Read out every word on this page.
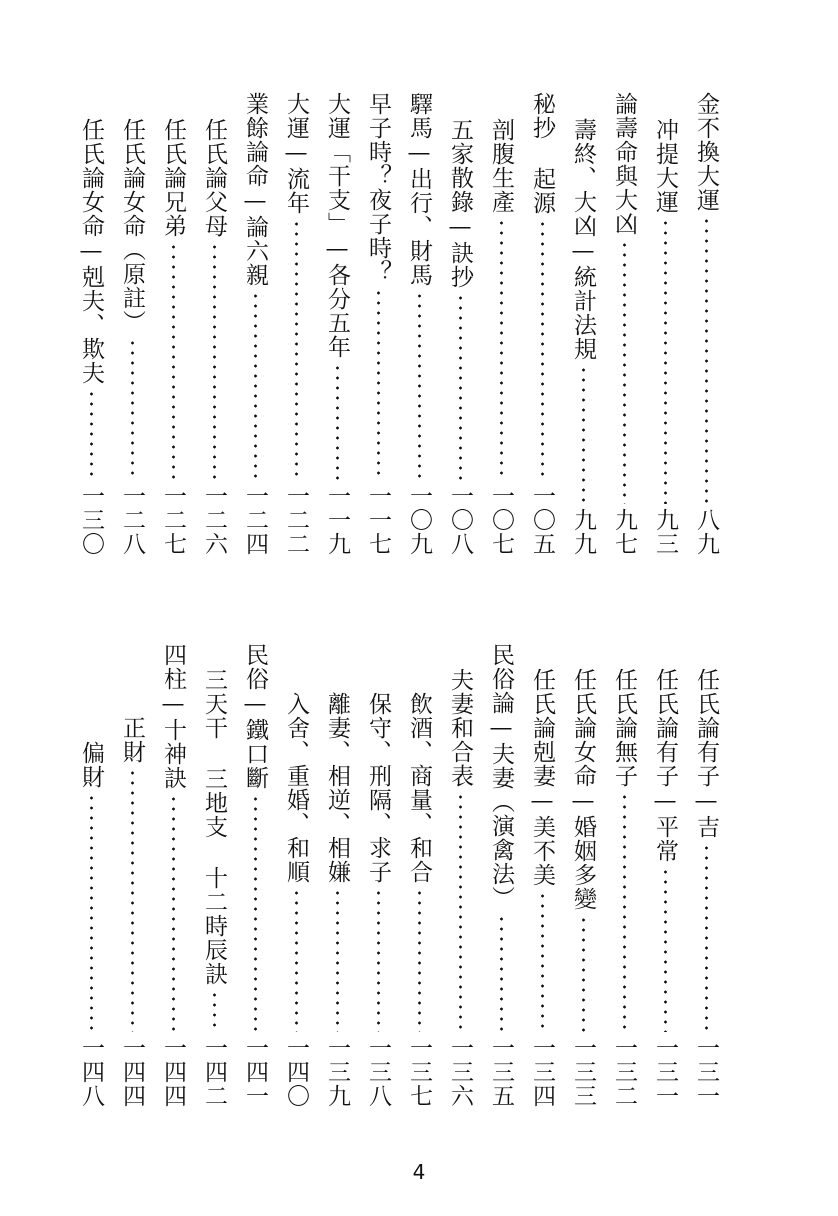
金不換大運
八九
冲提大運
九三
論壽命與大凶
九七
壽終、大凶—統計法規
九九
秘抄 起源
一〇五
剖腹生產
一〇七
五家散錄—訣抄
一〇八
驛馬—出行、財馬
一〇九
早子時？夜子時？
一一七
大運「干支」—各分五年
一一九
大運—流年
一二二
業餘論命—論六親
一二四
任氏論父母
一二六
任氏論兄弟
一二七
任氏論女命（原註）
一二八
任氏論女命—剋夫、欺夫
一三〇
任氏論有子—吉
一三一
任氏論有子—平常
一三一
任氏論無子
一三二
任氏論女命—婚姻多變
一三三
任氏論剋妻—美不美
一三四
民俗論—夫妻（演禽法）
一三五
夫妻和合表
一三六
飲酒、商量、和合
一三七
保守、刑隔、求子
一三八
離妻、相逆、相嫌
一三九
入舍、重婚、和順
一四〇
民俗—鐵口斷
一四一
三天干 三地支 十二時辰訣
一四二
四柱—十神訣
一四四
正財
一四四
偏財
一四八
4
